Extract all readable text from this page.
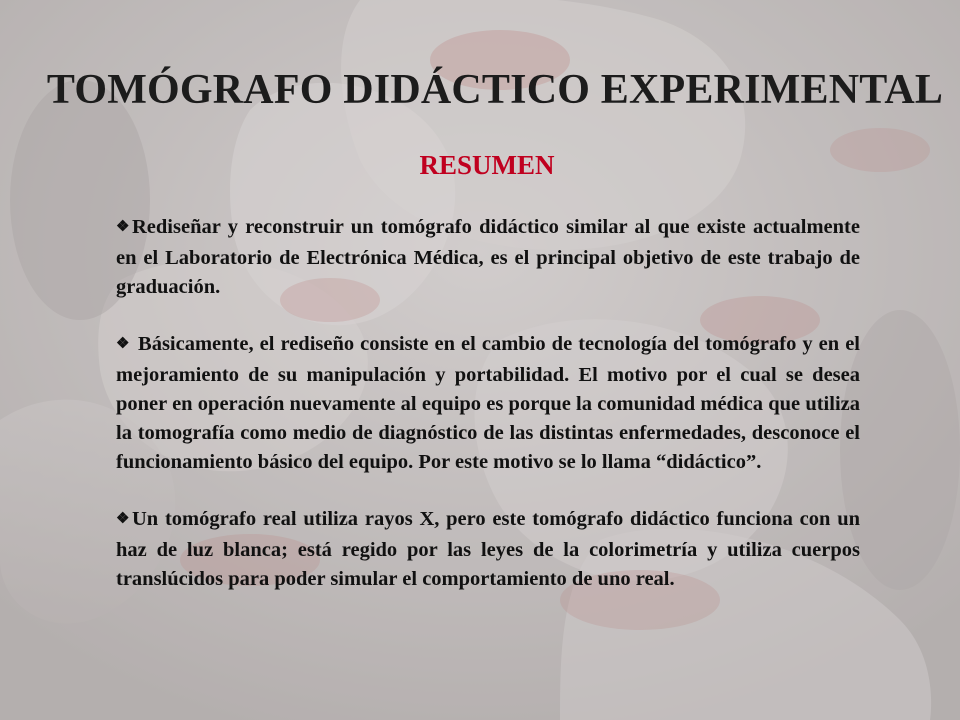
TOMÓGRAFO DIDÁCTICO EXPERIMENTAL
RESUMEN

❖ Rediseñar y reconstruir un tomógrafo didáctico similar al que existe actualmente en el Laboratorio de Electrónica Médica, es el principal objetivo de este trabajo de graduación.

❖ Básicamente, el rediseño consiste en el cambio de tecnología del tomógrafo y en el mejoramiento de su manipulación y portabilidad. El motivo por el cual se desea poner en operación nuevamente al equipo es porque la comunidad médica que utiliza la tomografía como medio de diagnóstico de las distintas enfermedades, desconoce el funcionamiento básico del equipo. Por este motivo se lo llama “didáctico”.

❖ Un tomógrafo real utiliza rayos X, pero este tomógrafo didáctico funciona con un haz de luz blanca; está regido por las leyes de la colorimetría y utiliza cuerpos translúcidos para poder simular el comportamiento de uno real.
